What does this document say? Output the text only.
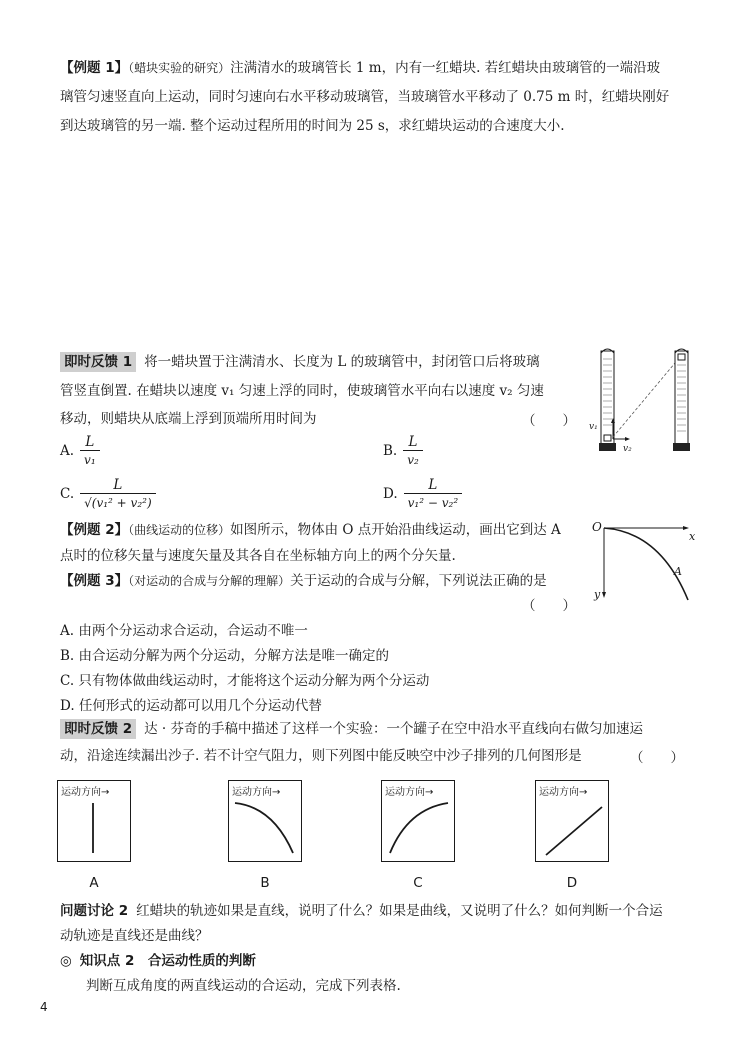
【例题 1】（蜡块实验的研究）注满清水的玻璃管长 1 m，内有一红蜡块. 若红蜡块由玻璃管的一端沿玻
璃管匀速竖直向上运动，同时匀速向右水平移动玻璃管，当玻璃管水平移动了 0.75 m 时，红蜡块刚好
到达玻璃管的另一端. 整个运动过程所用的时间为 25 s，求红蜡块运动的合速度大小.
即时反馈 1 将一蜡块置于注满清水、长度为 L 的玻璃管中，封闭管口后将玻璃
管竖直倒置. 在蜡块以速度 v₁ 匀速上浮的同时，使玻璃管水平向右以速度 v₂ 匀速
移动，则蜡块从底端上浮到顶端所用时间为	（　　）
A. $\frac{L}{\text{v₁}}$	B. $\frac{L}{\text{v₂}}$
C. $\frac{L}{\text{√(v₁² + v₂²)}}$	D. $\frac{L}{\text{v₁² − v₂²}}$
v₁
v₂
【例题 2】（曲线运动的位移）如图所示，物体由 O 点开始沿曲线运动，画出它到达 A
点时的位移矢量与速度矢量及其各自在坐标轴方向上的两个分矢量.
O
x
y
A
【例题 3】（对运动的合成与分解的理解）关于运动的合成与分解，下列说法正确的是
（　　）
A. 由两个分运动求合运动，合运动不唯一
B. 由合运动分解为两个分运动，分解方法是唯一确定的
C. 只有物体做曲线运动时，才能将这个运动分解为两个分运动
D. 任何形式的运动都可以用几个分运动代替
即时反馈 2 达 · 芬奇的手稿中描述了这样一个实验：一个罐子在空中沿水平直线向右做匀加速运
动，沿途连续漏出沙子. 若不计空气阻力，则下列图中能反映空中沙子排列的几何图形是	（　　）
运动方向→
A
运动方向→
B
运动方向→
C
运动方向→
D
问题讨论 2 红蜡块的轨迹如果是直线，说明了什么？如果是曲线，又说明了什么？如何判断一个合运
动轨迹是直线还是曲线？
◎ 知识点 2　合运动性质的判断
判断互成角度的两直线运动的合运动，完成下列表格.
4
